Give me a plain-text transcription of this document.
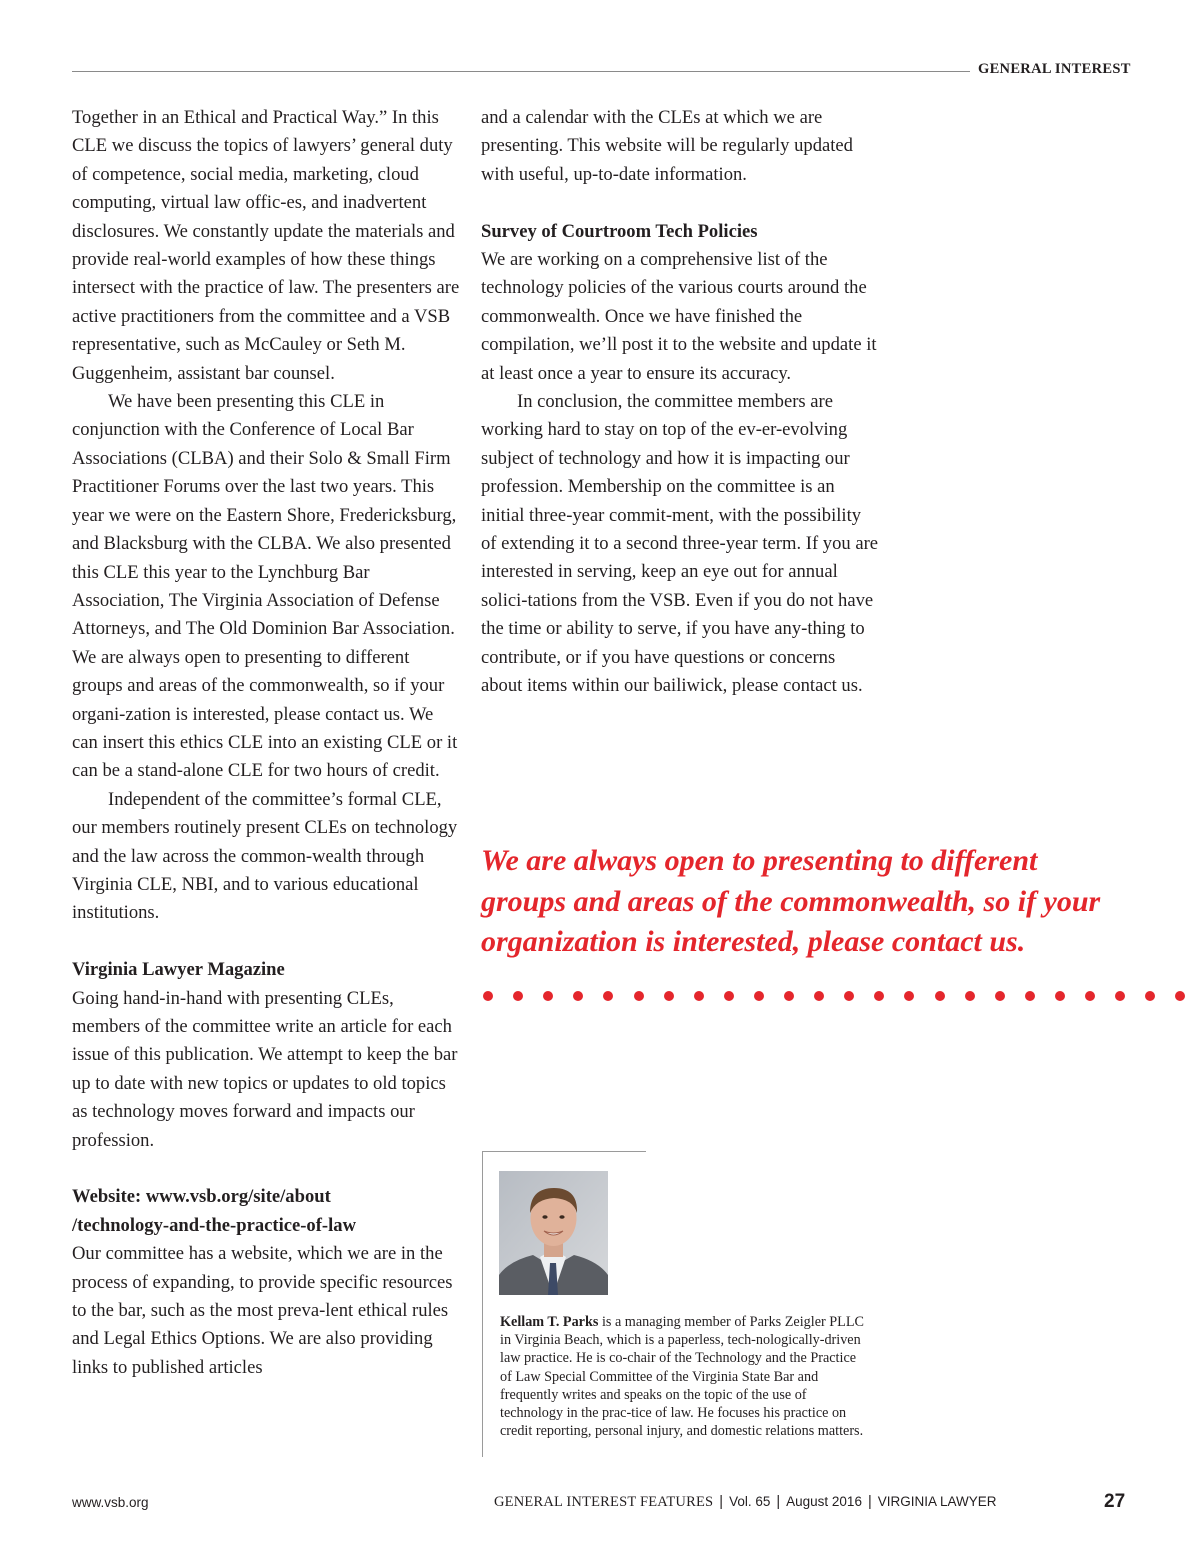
GENERAL INTEREST

Together in an Ethical and Practical Way.” In this CLE we discuss the topics of lawyers’ general duty of competence, social media, marketing, cloud computing, virtual law offic-es, and inadvertent disclosures. We constantly update the materials and provide real-world examples of how these things intersect with the practice of law. The presenters are active practitioners from the committee and a VSB representative, such as McCauley or Seth M. Guggenheim, assistant bar counsel.

We have been presenting this CLE in conjunction with the Conference of Local Bar Associations (CLBA) and their Solo & Small Firm Practitioner Forums over the last two years. This year we were on the Eastern Shore, Fredericksburg, and Blacksburg with the CLBA. We also presented this CLE this year to the Lynchburg Bar Association, The Virginia Association of Defense Attorneys, and The Old Dominion Bar Association. We are always open to presenting to different groups and areas of the commonwealth, so if your organi-zation is interested, please contact us. We can insert this ethics CLE into an existing CLE or it can be a stand-alone CLE for two hours of credit.

Independent of the committee’s formal CLE, our members routinely present CLEs on technology and the law across the common-wealth through Virginia CLE, NBI, and to various educational institutions.

Virginia Lawyer Magazine

Going hand-in-hand with presenting CLEs, members of the committee write an article for each issue of this publication. We attempt to keep the bar up to date with new topics or updates to old topics as technology moves forward and impacts our profession.

Website: www.vsb.org/site/about
/technology-and-the-practice-of-law

Our committee has a website, which we are in the process of expanding, to provide specific resources to the bar, such as the most preva-lent ethical rules and Legal Ethics Options. We are also providing links to published articles

and a calendar with the CLEs at which we are presenting. This website will be regularly updated with useful, up-to-date information.

Survey of Courtroom Tech Policies

We are working on a comprehensive list of the technology policies of the various courts around the commonwealth. Once we have finished the compilation, we’ll post it to the website and update it at least once a year to ensure its accuracy.

In conclusion, the committee members are working hard to stay on top of the ev-er-evolving subject of technology and how it is impacting our profession. Membership on the committee is an initial three-year commit-ment, with the possibility of extending it to a second three-year term. If you are interested in serving, keep an eye out for annual solici-tations from the VSB. Even if you do not have the time or ability to serve, if you have any-thing to contribute, or if you have questions or concerns about items within our bailiwick, please contact us.

We are always open to presenting to different
groups and areas of the commonwealth, so if your
organization is interested, please contact us.

Kellam T. Parks is a managing member of Parks Zeigler PLLC in Virginia Beach, which is a paperless, tech-nologically-driven law practice. He is co-chair of the Technology and the Practice of Law Special Committee of the Virginia State Bar and frequently writes and speaks on the topic of the use of technology in the prac-tice of law. He focuses his practice on credit reporting, personal injury, and domestic relations matters.

www.vsb.org	GENERAL INTEREST FEATURES | Vol. 65 | August 2016 | VIRGINIA LAWYER	27
